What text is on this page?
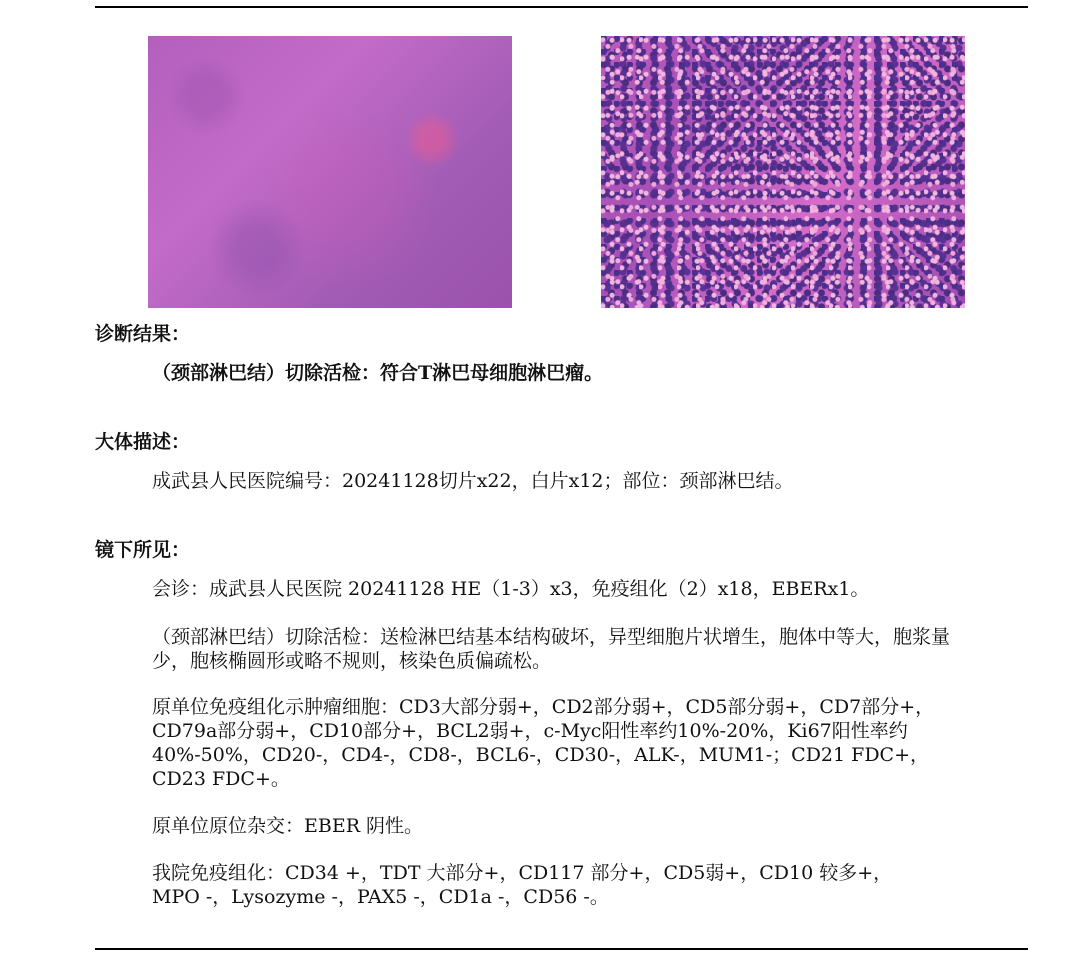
诊断结果：
（颈部淋巴结）切除活检：符合T淋巴母细胞淋巴瘤。
大体描述：
成武县人民医院编号：20241128切片x22，白片x12；部位：颈部淋巴结。
镜下所见：
会诊：成武县人民医院 20241128 HE（1-3）x3，免疫组化（2）x18，EBERx1。
（颈部淋巴结）切除活检：送检淋巴结基本结构破坏，异型细胞片状增生，胞体中等大，胞浆量少，胞核椭圆形或略不规则，核染色质偏疏松。
原单位免疫组化示肿瘤细胞：CD3大部分弱+，CD2部分弱+，CD5部分弱+，CD7部分+，CD79a部分弱+，CD10部分+，BCL2弱+，c-Myc阳性率约10%-20%，Ki67阳性率约40%-50%，CD20-，CD4-，CD8-，BCL6-，CD30-，ALK-，MUM1-；CD21 FDC+，CD23 FDC+。
原单位原位杂交：EBER 阴性。
我院免疫组化：CD34 +，TDT 大部分+，CD117 部分+，CD5弱+，CD10 较多+，MPO -，Lysozyme -，PAX5 -，CD1a -，CD56 -。
